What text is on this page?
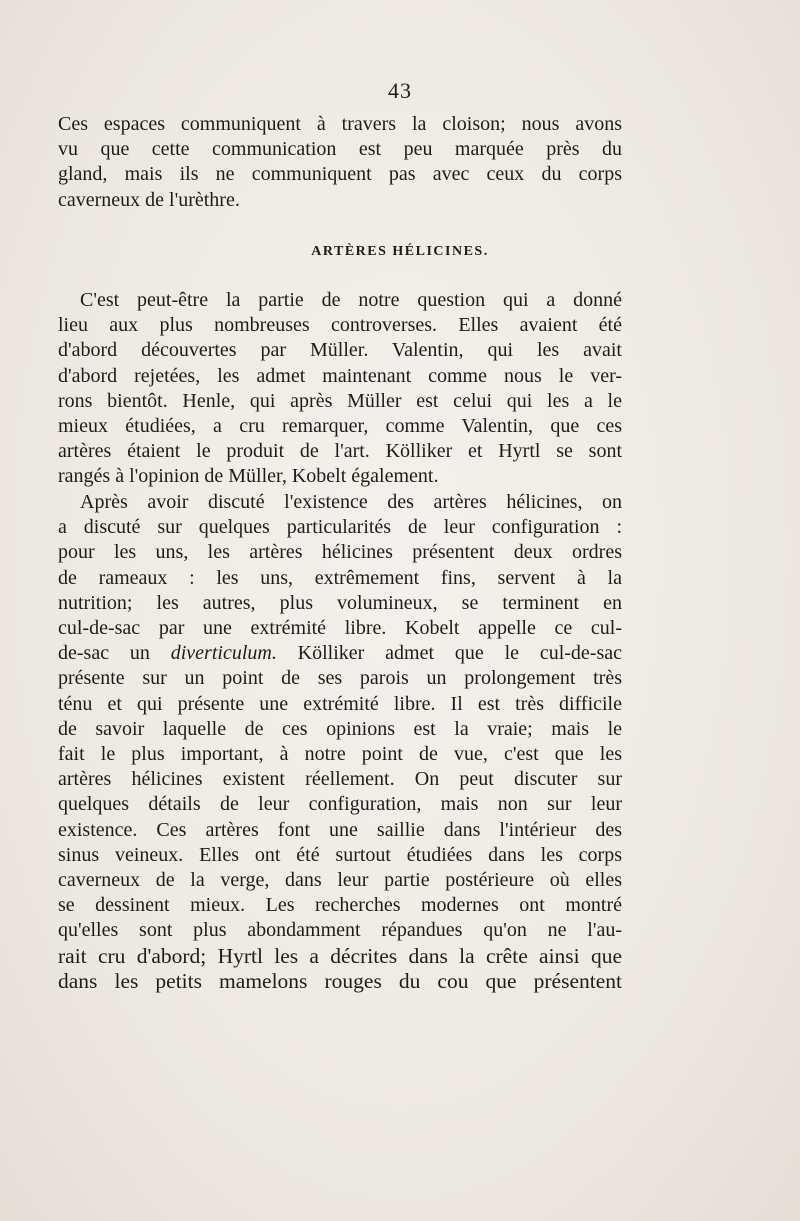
43
Ces espaces communiquent à travers la cloison; nous avons
vu que cette communication est peu marquée près du
gland, mais ils ne communiquent pas avec ceux du corps
caverneux de l'urèthre.
ARTÈRES HÉLICINES.
C'est peut-être la partie de notre question qui a donné
lieu aux plus nombreuses controverses. Elles avaient été
d'abord découvertes par Müller. Valentin, qui les avait
d'abord rejetées, les admet maintenant comme nous le ver-
rons bientôt. Henle, qui après Müller est celui qui les a le
mieux étudiées, a cru remarquer, comme Valentin, que ces
artères étaient le produit de l'art. Kölliker et Hyrtl se sont
rangés à l'opinion de Müller, Kobelt également.
Après avoir discuté l'existence des artères hélicines, on
a discuté sur quelques particularités de leur configuration :
pour les uns, les artères hélicines présentent deux ordres
de rameaux : les uns, extrêmement fins, servent à la
nutrition; les autres, plus volumineux, se terminent en
cul-de-sac par une extrémité libre. Kobelt appelle ce cul-
de-sac un diverticulum. Kölliker admet que le cul-de-sac
présente sur un point de ses parois un prolongement très
ténu et qui présente une extrémité libre. Il est très difficile
de savoir laquelle de ces opinions est la vraie; mais le
fait le plus important, à notre point de vue, c'est que les
artères hélicines existent réellement. On peut discuter sur
quelques détails de leur configuration, mais non sur leur
existence. Ces artères font une saillie dans l'intérieur des
sinus veineux. Elles ont été surtout étudiées dans les corps
caverneux de la verge, dans leur partie postérieure où elles
se dessinent mieux. Les recherches modernes ont montré
qu'elles sont plus abondamment répandues qu'on ne l'au-
rait cru d'abord; Hyrtl les a décrites dans la crête ainsi que
dans les petits mamelons rouges du cou que présentent
